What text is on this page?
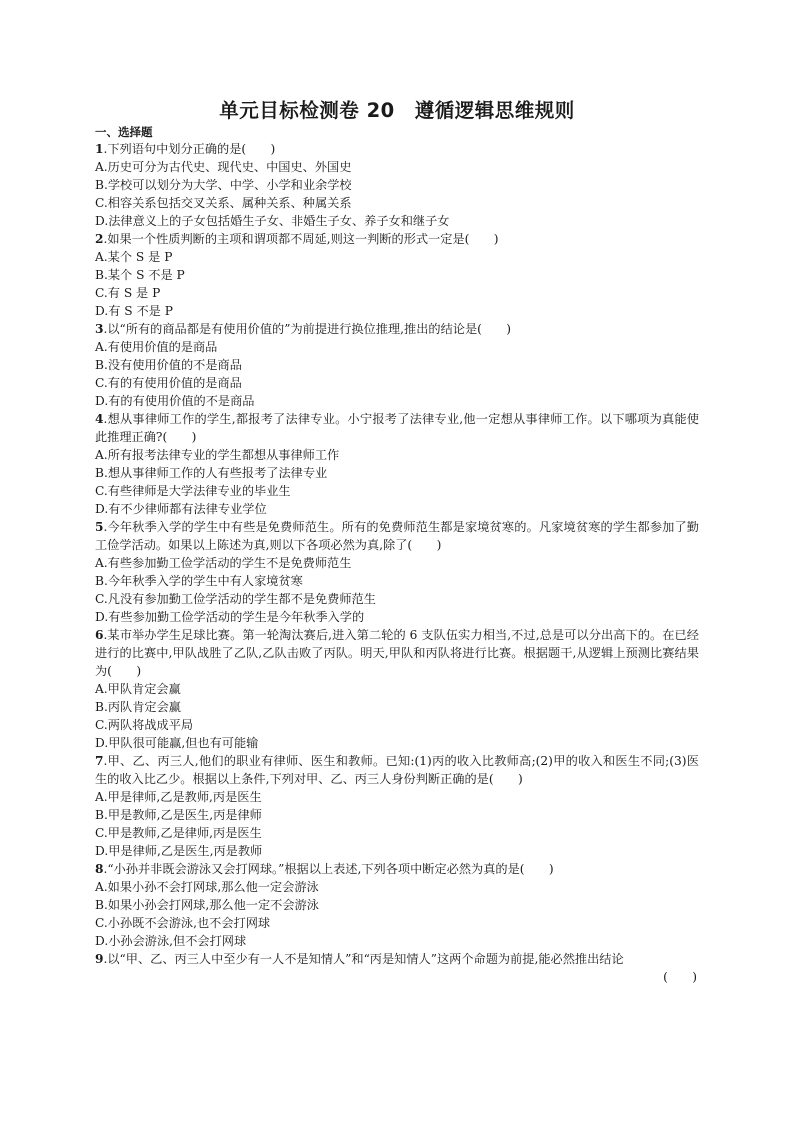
单元目标检测卷 20　遵循逻辑思维规则
一、选择题
1.下列语句中划分正确的是(　　)
A.历史可分为古代史、现代史、中国史、外国史
B.学校可以划分为大学、中学、小学和业余学校
C.相容关系包括交叉关系、属种关系、种属关系
D.法律意义上的子女包括婚生子女、非婚生子女、养子女和继子女
2.如果一个性质判断的主项和谓项都不周延,则这一判断的形式一定是(　　)
A.某个 S 是 P
B.某个 S 不是 P
C.有 S 是 P
D.有 S 不是 P
3.以“所有的商品都是有使用价值的”为前提进行换位推理,推出的结论是(　　)
A.有使用价值的是商品
B.没有使用价值的不是商品
C.有的有使用价值的是商品
D.有的有使用价值的不是商品
4.想从事律师工作的学生,都报考了法律专业。小宁报考了法律专业,他一定想从事律师工作。以下哪项为真能使此推理正确?(　　)
A.所有报考法律专业的学生都想从事律师工作
B.想从事律师工作的人有些报考了法律专业
C.有些律师是大学法律专业的毕业生
D.有不少律师都有法律专业学位
5.今年秋季入学的学生中有些是免费师范生。所有的免费师范生都是家境贫寒的。凡家境贫寒的学生都参加了勤工俭学活动。如果以上陈述为真,则以下各项必然为真,除了(　　)
A.有些参加勤工俭学活动的学生不是免费师范生
B.今年秋季入学的学生中有人家境贫寒
C.凡没有参加勤工俭学活动的学生都不是免费师范生
D.有些参加勤工俭学活动的学生是今年秋季入学的
6.某市举办学生足球比赛。第一轮淘汰赛后,进入第二轮的 6 支队伍实力相当,不过,总是可以分出高下的。在已经进行的比赛中,甲队战胜了乙队,乙队击败了丙队。明天,甲队和丙队将进行比赛。根据题干,从逻辑上预测比赛结果为(　　)
A.甲队肯定会赢
B.丙队肯定会赢
C.两队将战成平局
D.甲队很可能赢,但也有可能输
7.甲、乙、丙三人,他们的职业有律师、医生和教师。已知:(1)丙的收入比教师高;(2)甲的收入和医生不同;(3)医生的收入比乙少。根据以上条件,下列对甲、乙、丙三人身份判断正确的是(　　)
A.甲是律师,乙是教师,丙是医生
B.甲是教师,乙是医生,丙是律师
C.甲是教师,乙是律师,丙是医生
D.甲是律师,乙是医生,丙是教师
8.“小孙并非既会游泳又会打网球。”根据以上表述,下列各项中断定必然为真的是(　　)
A.如果小孙不会打网球,那么他一定会游泳
B.如果小孙会打网球,那么他一定不会游泳
C.小孙既不会游泳,也不会打网球
D.小孙会游泳,但不会打网球
9.以“甲、乙、丙三人中至少有一人不是知情人”和“丙是知情人”这两个命题为前提,能必然推出结论
(　　)
